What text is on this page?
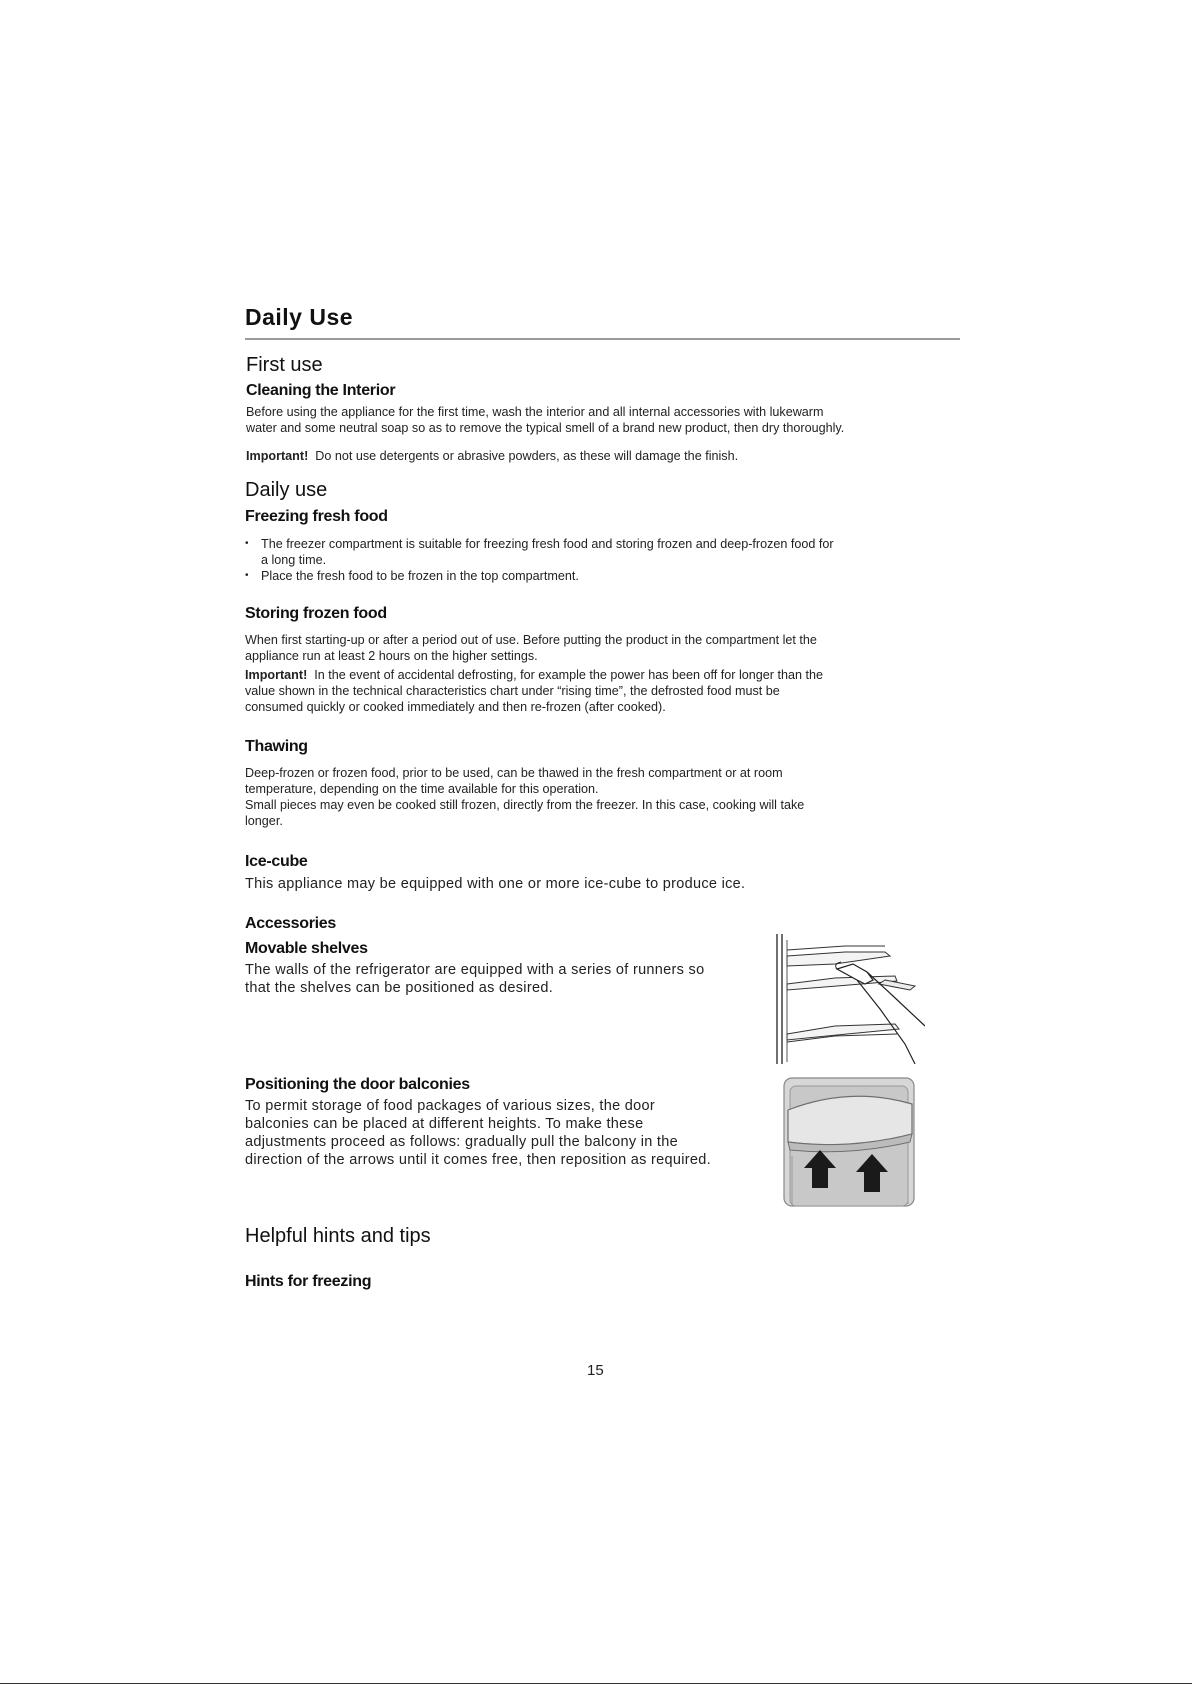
Daily Use
First use
Cleaning the Interior
Before using the appliance for the first time, wash the interior and all internal accessories with lukewarm
water and some neutral soap so as to remove the typical smell of a brand new product, then dry thoroughly.
Important! Do not use detergents or abrasive powders, as these will damage the finish.
Daily use
Freezing fresh food
• The freezer compartment is suitable for freezing fresh food and storing frozen and deep-frozen food for
a long time.
• Place the fresh food to be frozen in the top compartment.
Storing frozen food
When first starting-up or after a period out of use. Before putting the product in the compartment let the
appliance run at least 2 hours on the higher settings.
Important! In the event of accidental defrosting, for example the power has been off for longer than the
value shown in the technical characteristics chart under “rising time”, the defrosted food must be
consumed quickly or cooked immediately and then re-frozen (after cooked).
Thawing
Deep-frozen or frozen food, prior to be used, can be thawed in the fresh compartment or at room
temperature, depending on the time available for this operation.
Small pieces may even be cooked still frozen, directly from the freezer. In this case, cooking will take
longer.
Ice-cube
This appliance may be equipped with one or more ice-cube to produce ice.
Accessories
Movable shelves
The walls of the refrigerator are equipped with a series of runners so
that the shelves can be positioned as desired.
Positioning the door balconies
To permit storage of food packages of various sizes, the door
balconies can be placed at different heights. To make these
adjustments proceed as follows: gradually pull the balcony in the
direction of the arrows until it comes free, then reposition as required.
Helpful hints and tips
Hints for freezing
15
